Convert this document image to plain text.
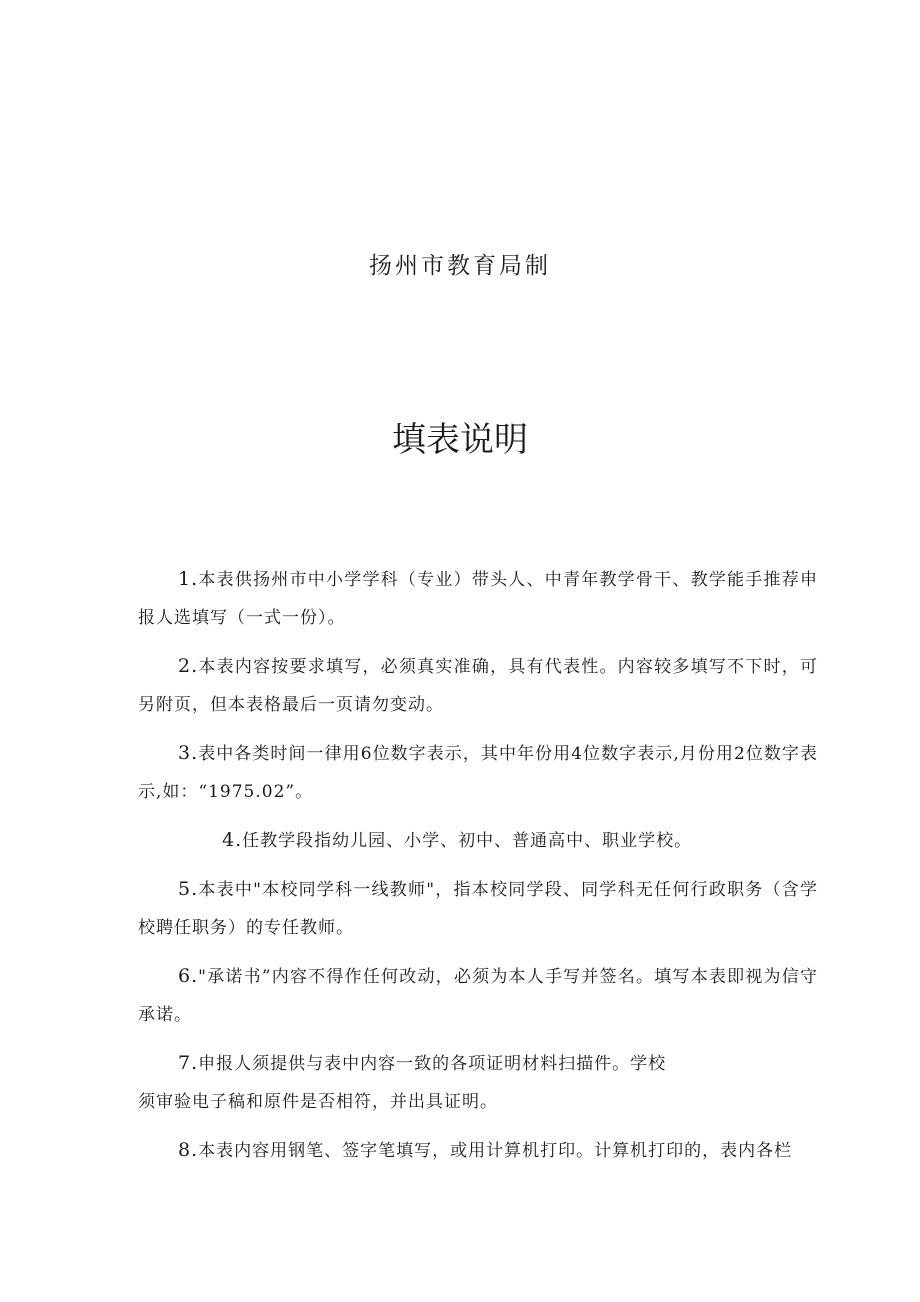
扬州市教育局制
填表说明

1.本表供扬州市中小学学科（专业）带头人、中青年教学骨干、教学能手推荐申报人选填写（一式一份）。

2.本表内容按要求填写，必须真实准确，具有代表性。内容较多填写不下时，可另附页，但本表格最后一页请勿变动。

3.表中各类时间一律用6位数字表示，其中年份用4位数字表示,月份用2位数字表示,如：“1975.02”。

4.任教学段指幼儿园、小学、初中、普通高中、职业学校。

5.本表中"本校同学科一线教师"，指本校同学段、同学科无任何行政职务（含学校聘任职务）的专任教师。

6."承诺书”内容不得作任何改动，必须为本人手写并签名。填写本表即视为信守承诺。

7.申报人须提供与表中内容一致的各项证明材料扫描件。学校
须审验电子稿和原件是否相符，并出具证明。

8.本表内容用钢笔、签字笔填写，或用计算机打印。计算机打印的，表内各栏
